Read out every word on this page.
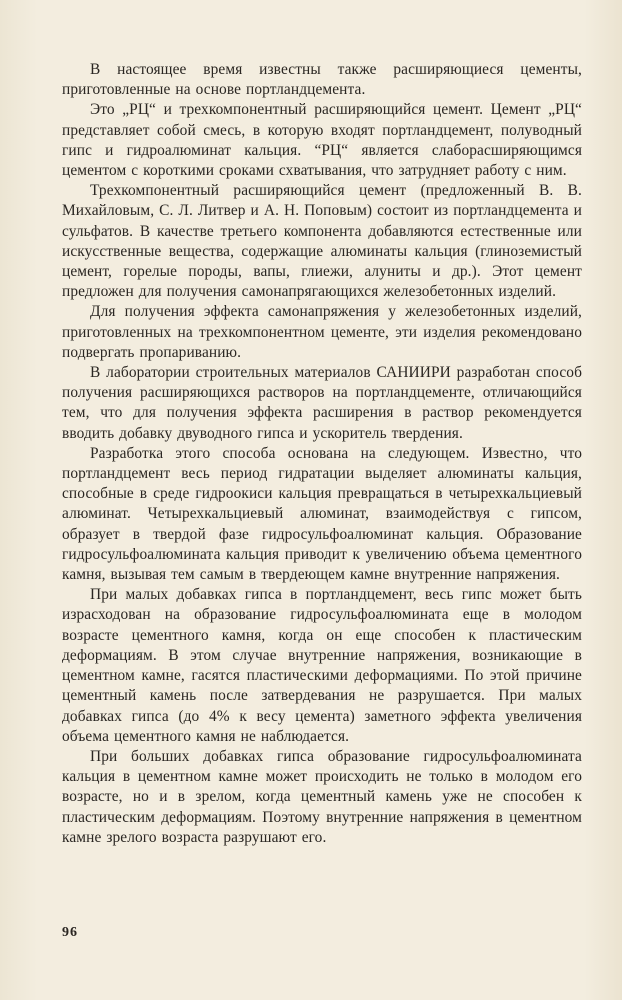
В настоящее время известны также расширяющиеся цементы, приготовленные на основе портландцемента.

Это „РЦ“ и трехкомпонентный расширяющийся цемент. Цемент „РЦ“ представляет собой смесь, в которую входят портландцемент, полуводный гипс и гидроалюминат кальция. “РЦ“ является слаборасширяющимся цементом с короткими сроками схватывания, что затрудняет работу с ним.

Трехкомпонентный расширяющийся цемент (предложенный В. В. Михайловым, С. Л. Литвер и А. Н. Поповым) состоит из портландцемента и сульфатов. В качестве третьего компонента добавляются естественные или искусственные вещества, содержащие алюминаты кальция (глиноземистый цемент, горелые породы, вапы, глиежи, алуниты и др.). Этот цемент предложен для получения самонапрягающихся железобетонных изделий.

Для получения эффекта самонапряжения у железобетонных изделий, приготовленных на трехкомпонентном цементе, эти изделия рекомендовано подвергать пропариванию.

В лаборатории строительных материалов САНИИРИ разработан способ получения расширяющихся растворов на портландцементе, отличающийся тем, что для получения эффекта расширения в раствор рекомендуется вводить добавку двуводного гипса и ускоритель твердения.

Разработка этого способа основана на следующем. Известно, что портландцемент весь период гидратации выделяет алюминаты кальция, способные в среде гидроокиси кальция превращаться в четырехкальциевый алюминат. Четырехкальциевый алюминат, взаимодействуя с гипсом, образует в твердой фазе гидросульфоалюминат кальция. Образование гидросульфоалюмината кальция приводит к увеличению объема цементного камня, вызывая тем самым в твердеющем камне внутренние напряжения.

При малых добавках гипса в портландцемент, весь гипс может быть израсходован на образование гидросульфоалюмината еще в молодом возрасте цементного камня, когда он еще способен к пластическим деформациям. В этом случае внутренние напряжения, возникающие в цементном камне, гасятся пластическими деформациями. По этой причине цементный камень после затвердевания не разрушается. При малых добавках гипса (до 4% к весу цемента) заметного эффекта увеличения объема цементного камня не наблюдается.

При больших добавках гипса образование гидросульфоалюмината кальция в цементном камне может происходить не только в молодом его возрасте, но и в зрелом, когда цементный камень уже не способен к пластическим деформациям. Поэтому внутренние напряжения в цементном камне зрелого возраста разрушают его.

96
